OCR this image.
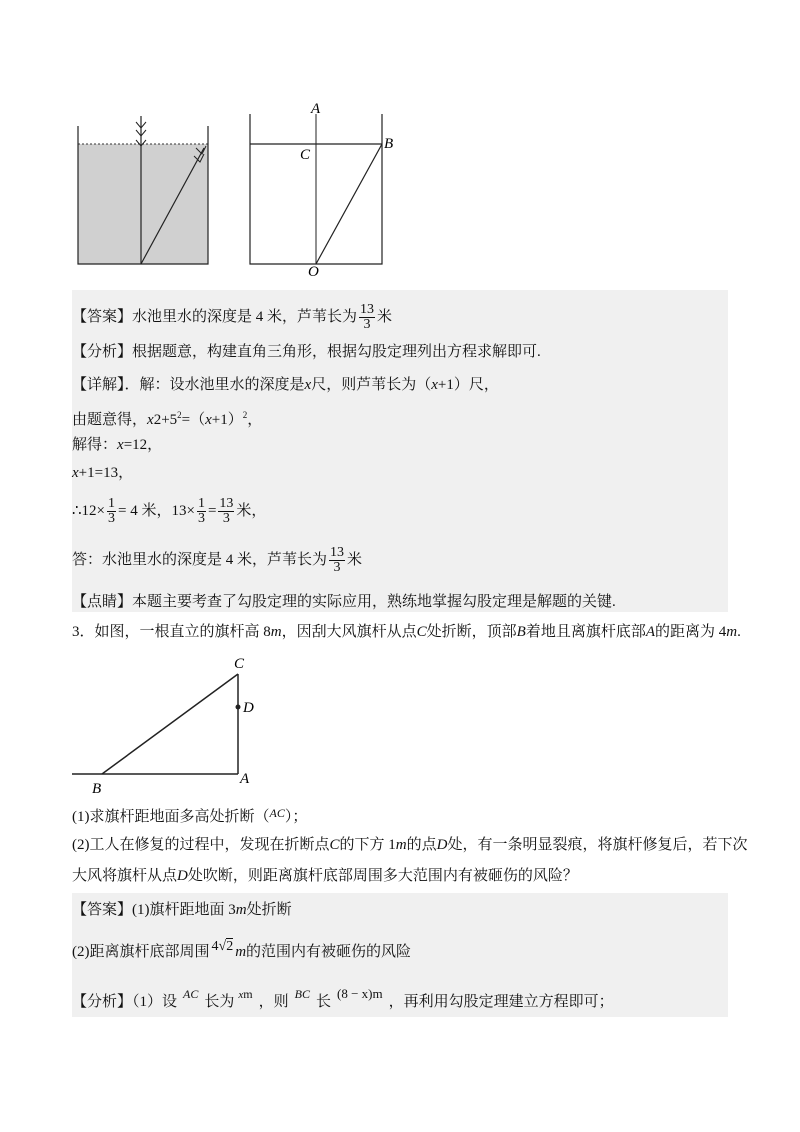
A
C
B
O
【答案】水池里水的深度是 4 米，芦苇长为 $\frac{13}{3}$ 米
【分析】根据题意，构建直角三角形，根据勾股定理列出方程求解即可.
【详解】．解：设水池里水的深度是x尺，则芦苇长为（x+1）尺，
由题意得，$x2+5^2=(x+1)^2$，
解得：x=12，
x+1=13，
∴12× $\frac{1}{3} = 4$ 米，$13\times \frac{1}{3} = \frac{13}{3}$ 米，
答：水池里水的深度是 4 米，芦苇长为 $\frac{13}{3}$ 米
【点睛】本题主要考查了勾股定理的实际应用，熟练地掌握勾股定理是解题的关键.
3．如图，一根直立的旗杆高 8m，因刮大风旗杆从点C处折断，顶部B着地且离旗杆底部A的距离为 4m.
C
D
B
A
(1)求旗杆距地面多高处折断（$^{AC}$）；
(2)工人在修复的过程中，发现在折断点C的下方 1m的点D处，有一条明显裂痕，将旗杆修复后，若下次
大风将旗杆从点D处吹断，则距离旗杆底部周围多大范围内有被砸伤的风险？
【答案】(1)旗杆距地面 3m处折断
(2)距离旗杆底部周围 4√2 m的范围内有被砸伤的风险
【分析】（1）设 $^{AC}$ 长为 $^{xm}$ ，则 $^{BC}$ 长(8 − x)m，再利用勾股定理建立方程即可；
